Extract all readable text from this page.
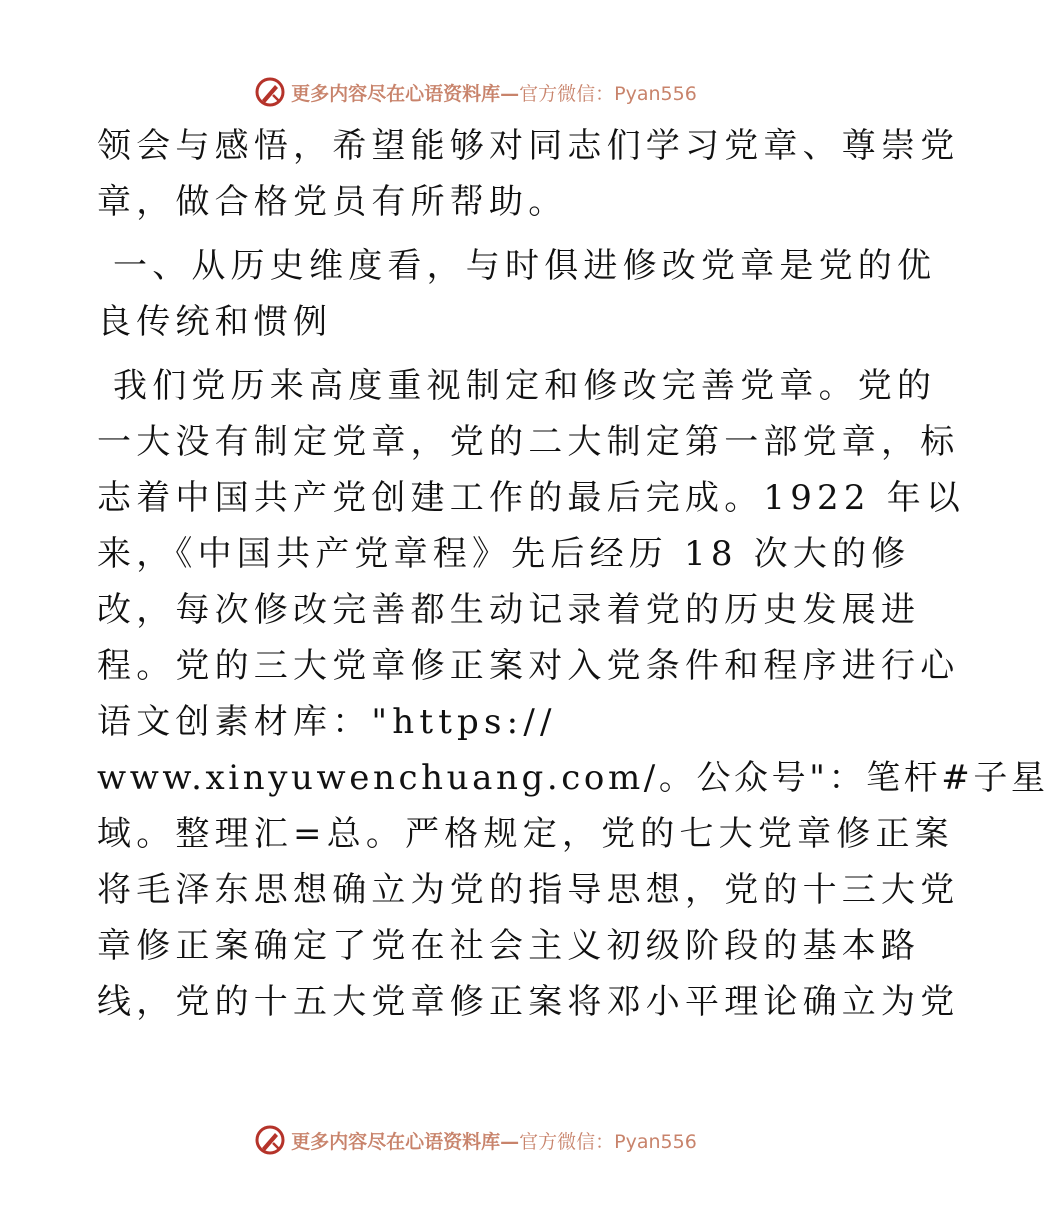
更多内容尽在心语资料库—官方微信：Pyan556
领会与感悟，希望能够对同志们学习党章、尊崇党
章，做合格党员有所帮助。
一、从历史维度看，与时俱进修改党章是党的优
良传统和惯例
我们党历来高度重视制定和修改完善党章。党的
一大没有制定党章，党的二大制定第一部党章，标
志着中国共产党创建工作的最后完成。1922 年以
来，《中国共产党章程》先后经历 18 次大的修
改，每次修改完善都生动记录着党的历史发展进
程。党的三大党章修正案对入党条件和程序进行心
语文创素材库："https://
www.xinyuwenchuang.com/。公众号"：笔杆#子星
域。整理汇=总。严格规定，党的七大党章修正案
将毛泽东思想确立为党的指导思想，党的十三大党
章修正案确定了党在社会主义初级阶段的基本路
线，党的十五大党章修正案将邓小平理论确立为党
更多内容尽在心语资料库—官方微信：Pyan556
